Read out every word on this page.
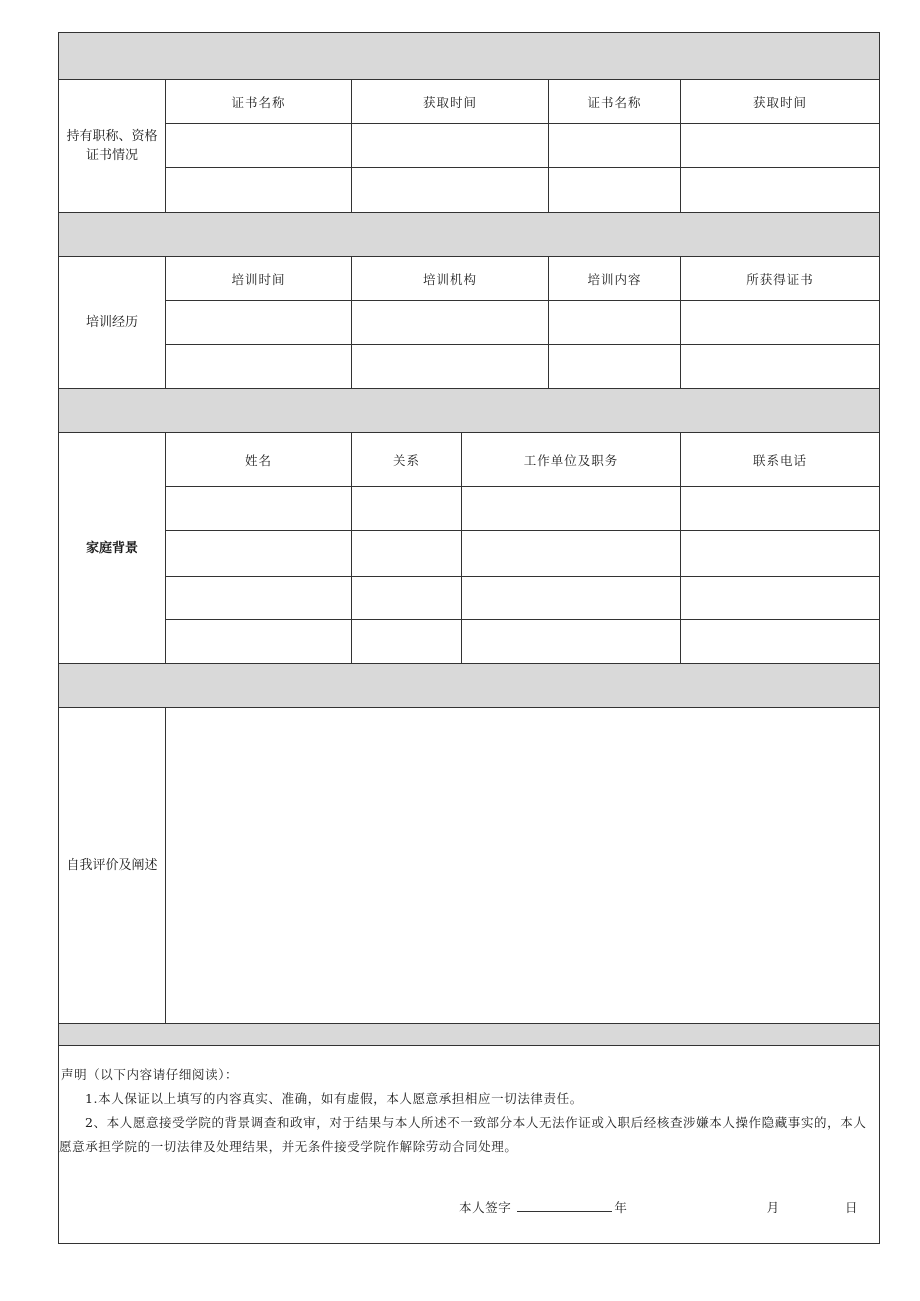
持有职称、资格证书情况
证书名称	获取时间	证书名称	获取时间
培训经历
培训时间	培训机构	培训内容	所获得证书
家庭背景
姓名	关系	工作单位及职务	联系电话
自我评价及阐述

声明（以下内容请仔细阅读）：

1.本人保证以上填写的内容真实、准确，如有虚假，本人愿意承担相应一切法律责任。

2、本人愿意接受学院的背景调查和政审，对于结果与本人所述不一致部分本人无法作证或入职后经核查涉嫌本人操作隐藏事实的，本人愿意承担学院的一切法律及处理结果，并无条件接受学院作解除劳动合同处理。

本人签字	年	月	日
